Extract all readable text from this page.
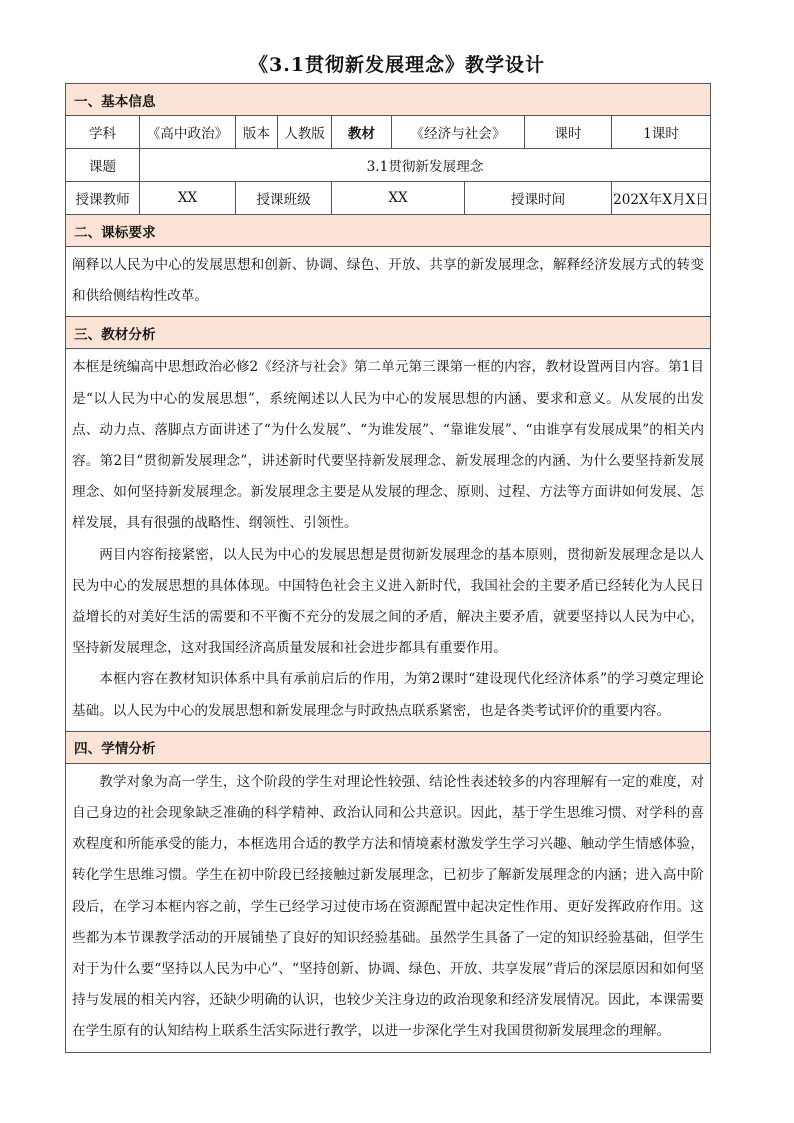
《3.1贯彻新发展理念》教学设计
一、基本信息								
学科	《高中政治》	版本	人教版	教材	《经济与社会》		课时	1课时
课题	3.1贯彻新发展理念							
授课教师	XX	授课班级		XX		授课时间		202X年X月X日
二、课标要求								

阐释以人民为中心的发展思想和创新、协调、绿色、开放、共享的新发展理念，解释经济发展方式的转变和供给侧结构性改革。								

三、教材分析								

本框是统编高中思想政治必修2《经济与社会》第二单元第三课第一框的内容，教材设置两目内容。第1目是“以人民为中心的发展思想”，系统阐述以人民为中心的发展思想的内涵、要求和意义。从发展的出发点、动力点、落脚点方面讲述了“为什么发展”、“为谁发展”、“靠谁发展”、“由谁享有发展成果”的相关内容。第2目“贯彻新发展理念”，讲述新时代要坚持新发展理念、新发展理念的内涵、为什么要坚持新发展理念、如何坚持新发展理念。新发展理念主要是从发展的理念、原则、过程、方法等方面讲如何发展、怎样发展，具有很强的战略性、纲领性、引领性。

两目内容衔接紧密，以人民为中心的发展思想是贯彻新发展理念的基本原则，贯彻新发展理念是以人民为中心的发展思想的具体体现。中国特色社会主义进入新时代，我国社会的主要矛盾已经转化为人民日益增长的对美好生活的需要和不平衡不充分的发展之间的矛盾，解决主要矛盾，就要坚持以人民为中心，坚持新发展理念，这对我国经济高质量发展和社会进步都具有重要作用。

本框内容在教材知识体系中具有承前启后的作用，为第2课时“建设现代化经济体系”的学习奠定理论基础。以人民为中心的发展思想和新发展理念与时政热点联系紧密，也是各类考试评价的重要内容。								

四、学情分析								

教学对象为高一学生，这个阶段的学生对理论性较强、结论性表述较多的内容理解有一定的难度，对自己身边的社会现象缺乏准确的科学精神、政治认同和公共意识。因此，基于学生思维习惯、对学科的喜欢程度和所能承受的能力，本框选用合适的教学方法和情境素材激发学生学习兴趣、触动学生情感体验，转化学生思维习惯。学生在初中阶段已经接触过新发展理念，已初步了解新发展理念的内涵；进入高中阶段后，在学习本框内容之前，学生已经学习过使市场在资源配置中起决定性作用、更好发挥政府作用。这些都为本节课教学活动的开展铺垫了良好的知识经验基础。虽然学生具备了一定的知识经验基础，但学生对于为什么要“坚持以人民为中心”、“坚持创新、协调、绿色、开放、共享发展”背后的深层原因和如何坚持与发展的相关内容，还缺少明确的认识，也较少关注身边的政治现象和经济发展情况。因此，本课需要在学生原有的认知结构上联系生活实际进行教学，以进一步深化学生对我国贯彻新发展理念的理解。								
